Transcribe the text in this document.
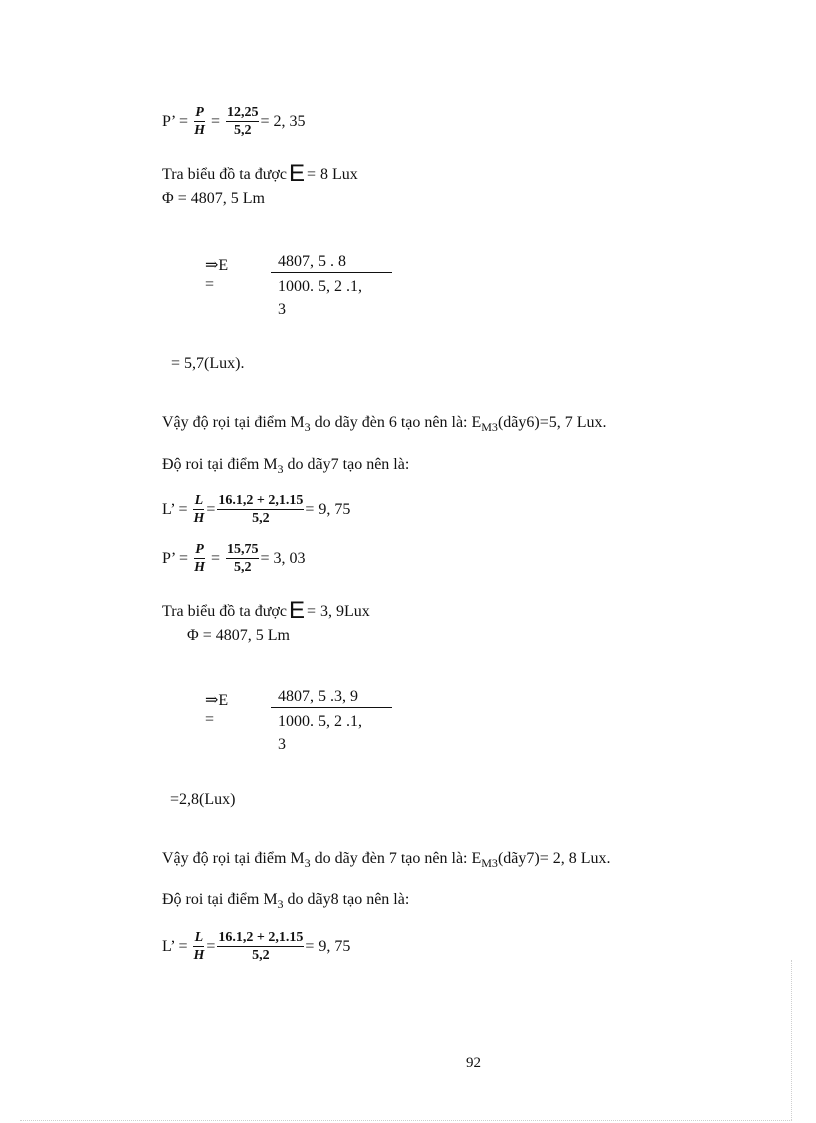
P’ = $\frac{P}{H} = \frac{12,25}{5,2} = 2$, 35
Tra biểu đồ ta đượcE = 8 Lux
Φ = 4807, 5 Lm
⇒E =
4807, 5 . 8
1000. 5, 2 .1,
3
= 5,7(Lux).
Vậy độ rọi tại điểm $M_3$ do dãy đèn 6 tạo nên là: $E_{M3}(dãy6)=5$, 7 Lux.
Độ roi tại điểm $M_3$ do dãy7 tạo nên là:
L’ = $\frac{L}{H} = \frac{16.1,2 + 2,1.15}{5,2} = 9$, 75
P’ = $\frac{P}{H} = \frac{15,75}{5,2} = 3$, 03
Tra biểu đồ ta đượcE = 3, 9Lux
Φ = 4807, 5 Lm
⇒E =
4807, 5 .3, 9
1000. 5, 2 .1,
3
=2,8(Lux)
Vậy độ rọi tại điểm $M_3$ do dãy đèn 7 tạo nên là: $E_{M3}(dãy7)= 2$, 8 Lux.
Độ roi tại điểm $M_3$ do dãy8 tạo nên là:
L’ = $\frac{L}{H} = \frac{16.1,2 + 2,1.15}{5,2} = 9$, 75
92
